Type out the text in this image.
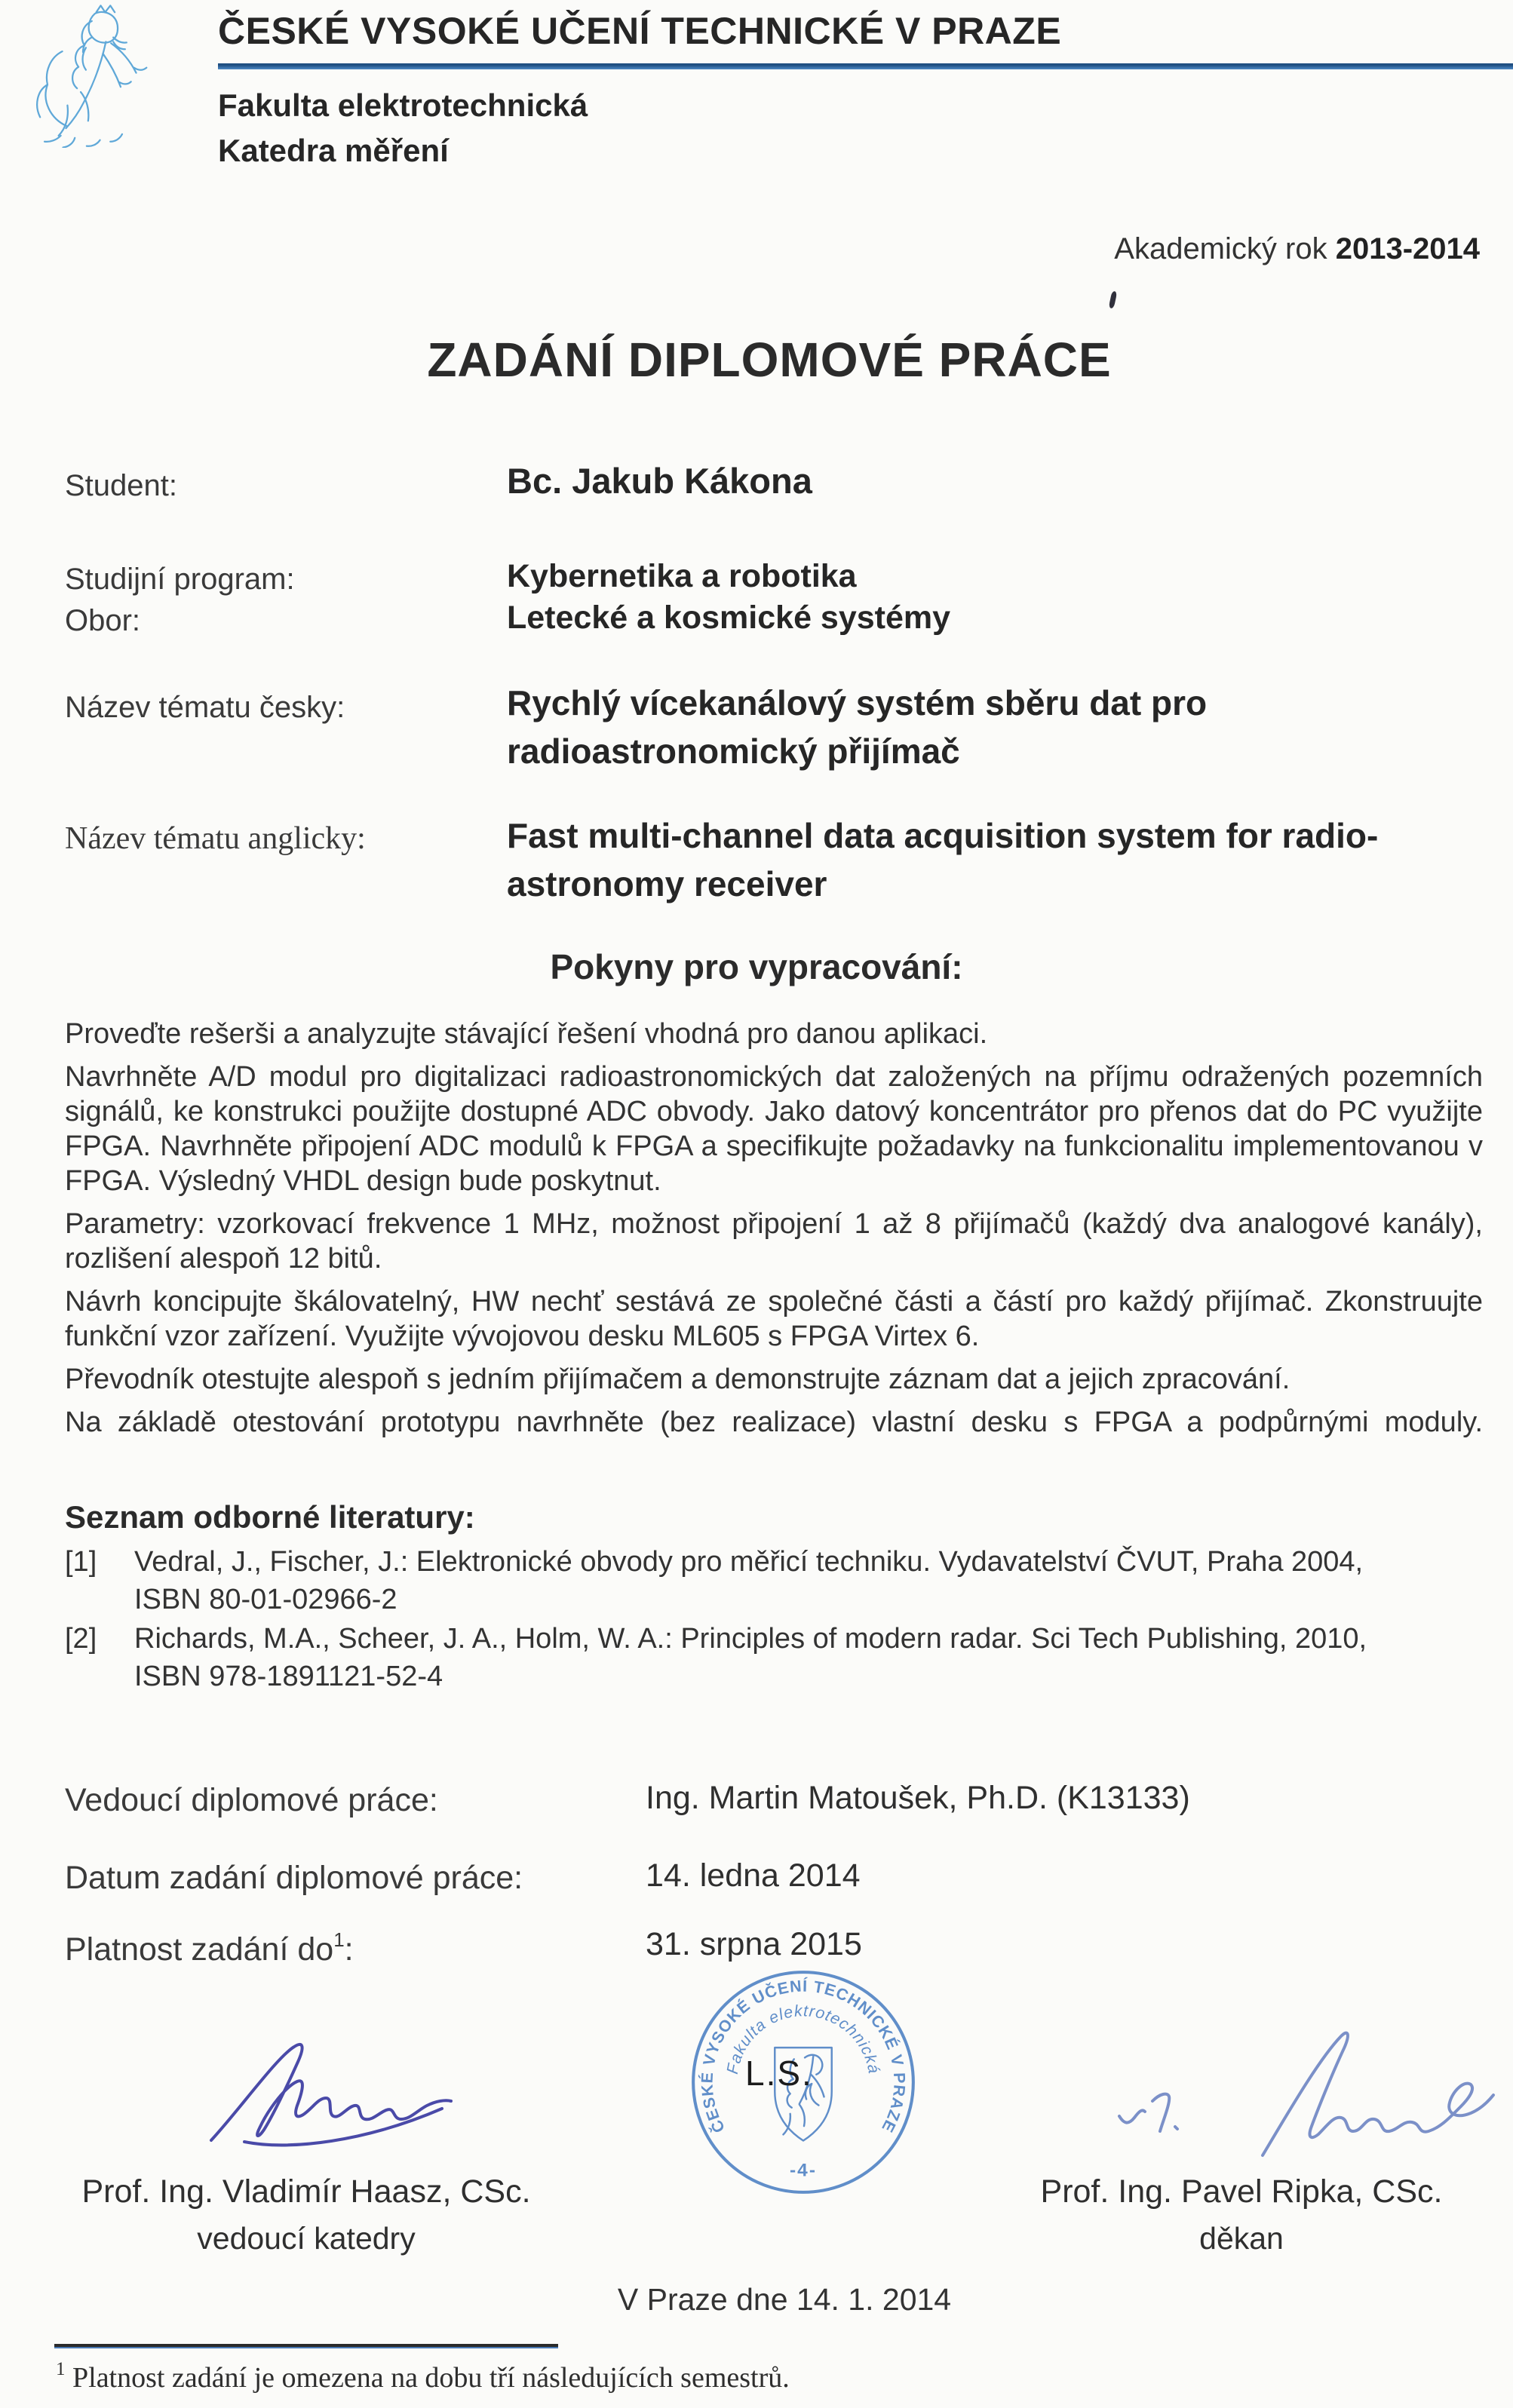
ČESKÉ VYSOKÉ UČENÍ TECHNICKÉ V PRAZE
Fakulta elektrotechnická
Katedra měření
Akademický rok 2013-2014
ZADÁNÍ DIPLOMOVÉ PRÁCE
Student:	Bc. Jakub Kákona
Studijní program:	Kybernetika a robotika
Obor:	Letecké a kosmické systémy
Název tématu česky:	Rychlý vícekanálový systém sběru dat pro radioastronomický přijímač
Název tématu anglicky:	Fast multi-channel data acquisition system for radio-astronomy receiver
Pokyny pro vypracování:

Proveďte rešerši a analyzujte stávající řešení vhodná pro danou aplikaci.

Navrhněte A/D modul pro digitalizaci radioastronomických dat založených na příjmu odražených pozemních signálů, ke konstrukci použijte dostupné ADC obvody. Jako datový koncentrátor pro přenos dat do PC využijte FPGA. Navrhněte připojení ADC modulů k FPGA a specifikujte požadavky na funkcionalitu implementovanou v FPGA. Výsledný VHDL design bude poskytnut.

Parametry: vzorkovací frekvence 1 MHz, možnost připojení 1 až 8 přijímačů (každý dva analogové kanály), rozlišení alespoň 12 bitů.

Návrh koncipujte škálovatelný, HW nechť sestává ze společné části a částí pro každý přijímač. Zkonstruujte funkční vzor zařízení. Využijte vývojovou desku ML605 s FPGA Virtex 6.

Převodník otestujte alespoň s jedním přijímačem a demonstrujte záznam dat a jejich zpracování.

Na základě otestování prototypu navrhněte (bez realizace) vlastní desku s FPGA a podpůrnými moduly.

Seznam odborné literatury:
[1] Vedral, J., Fischer, J.: Elektronické obvody pro měřicí techniku. Vydavatelství ČVUT, Praha 2004,
ISBN 80-01-02966-2
[2] Richards, M.A., Scheer, J. A., Holm, W. A.: Principles of modern radar. Sci Tech Publishing, 2010,
ISBN 978-1891121-52-4
Vedoucí diplomové práce:	Ing. Martin Matoušek, Ph.D. (K13133)
Datum zadání diplomové práce:	14. ledna 2014
Platnost zadání do$^1$:	31. srpna 2015
ČESKÉ VYSOKÉ UČENÍ TECHNICKÉ V PRAZE
Fakulta elektrotechnická
-4-
L.S.
Prof. Ing. Vladimír Haasz, CSc.
vedoucí katedry
Prof. Ing. Pavel Ripka, CSc.
děkan
V Praze dne 14. 1. 2014
$^1$ Platnost zadání je omezena na dobu tří následujících semestrů.
